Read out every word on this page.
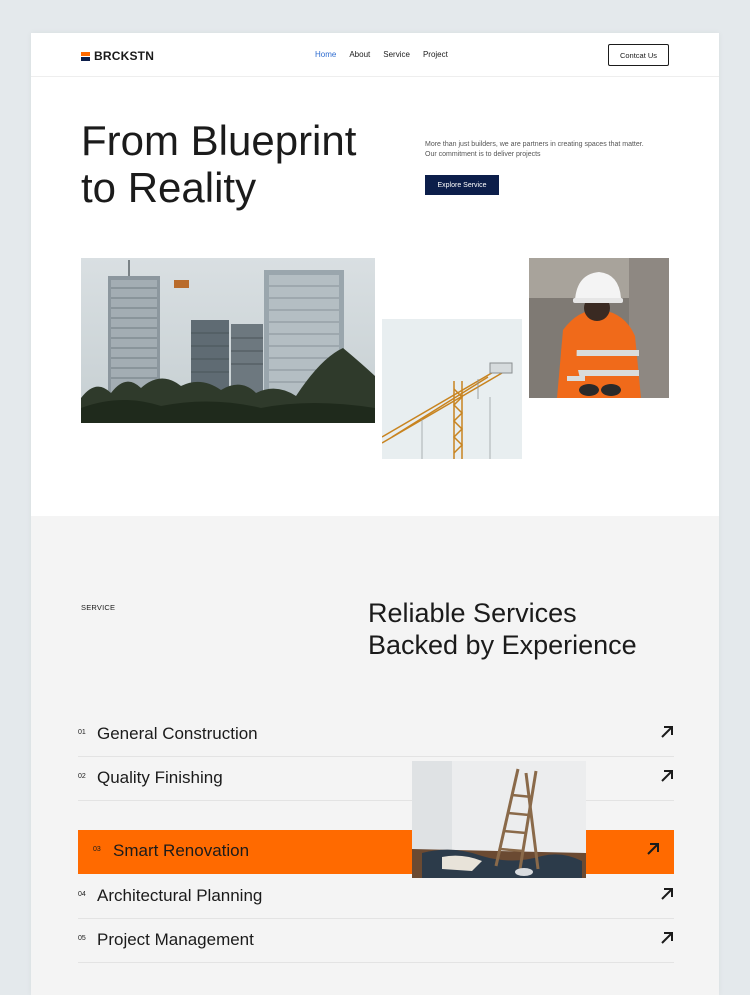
BRCKSTN	Home About Service Project	Contcat Us
From Blueprint
to Reality
More than just builders, we are partners in creating spaces that matter.
Our commitment is to deliver projects
Explore Service
SERVICE	Reliable Services
Backed by Experience
01 General Construction
02 Quality Finishing
03 Smart Renovation
04 Architectural Planning
05 Project Management
